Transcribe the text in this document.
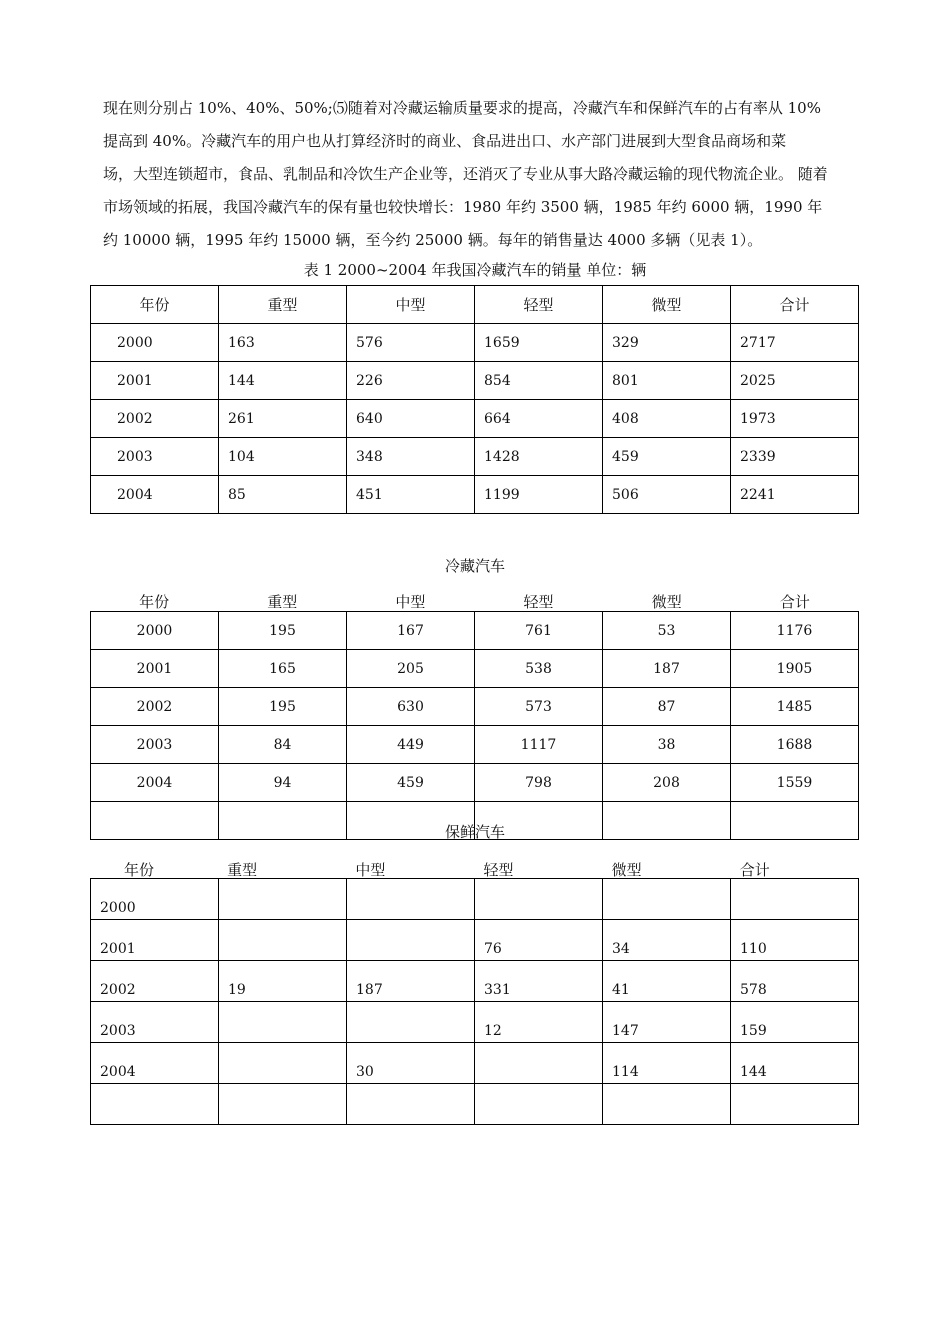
现在则分别占 10%、40%、50%;⑸随着对冷藏运输质量要求的提高，冷藏汽车和保鲜汽车的占有率从 10%

提高到 40%。冷藏汽车的用户也从打算经济时的商业、食品进出口、水产部门进展到大型食品商场和菜

场，大型连锁超市，食品、乳制品和冷饮生产企业等，还消灭了专业从事大路冷藏运输的现代物流企业。 随着

市场领域的拓展，我国冷藏汽车的保有量也较快增长：1980 年约 3500 辆，1985 年约 6000 辆，1990 年

约 10000 辆，1995 年约 15000 辆，至今约 25000 辆。每年的销售量达 4000 多辆（见表 1）。

表 1 2000~2004 年我国冷藏汽车的销量 单位：辆
年份	重型	中型	轻型	微型	合计
2000	163	576	1659	329	2717
2001	144	226	854	801	2025
2002	261	640	664	408	1973
2003	104	348	1428	459	2339
2004	85	451	1199	506	2241
冷藏汽车
年份	重型	中型	轻型	微型	合计
2000	195	167	761	53	1176
2001	165	205	538	187	1905
2002	195	630	573	87	1485
2003	84	449	1117	38	1688
2004	94	459	798	208	1559

保鲜汽车
年份	重型	中型	轻型	微型	合计
2000					
2001			76	34	110
2002	19	187	331	41	578
2003			12	147	159
2004		30		114	144
